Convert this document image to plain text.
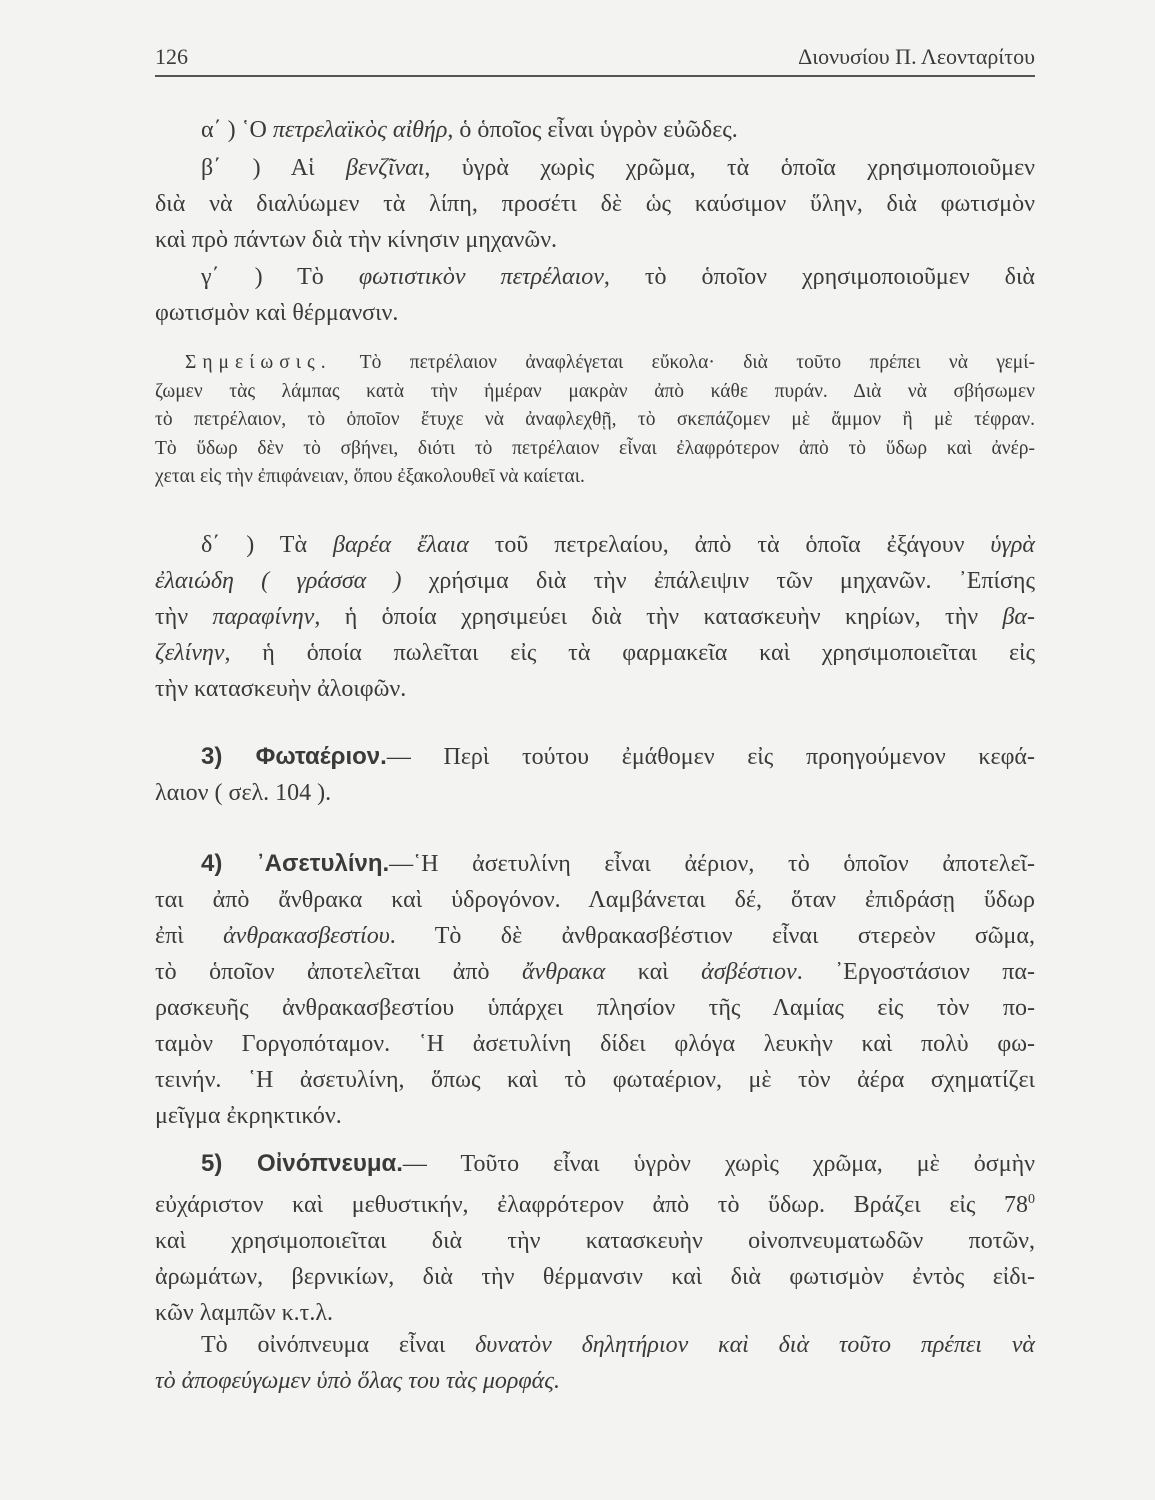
126	Διονυσίου Π. Λεονταρίτου
α΄ ) ῾Ο πετρελαϊκὸς αἰθήρ, ὁ ὁποῖος εἶναι ὑγρὸν εὐῶδες.
β΄ ) Αἱ βενζῖναι, ὑγρὰ χωρὶς χρῶμα, τὰ ὁποῖα χρησιμοποιοῦμεν
διὰ νὰ διαλύωμεν τὰ λίπη, προσέτι δὲ ὡς καύσιμον ὕλην, διὰ φωτισμὸν
καὶ πρὸ πάντων διὰ τὴν κίνησιν μηχανῶν.
γ΄ ) Τὸ φωτιστικὸν πετρέλαιον, τὸ ὁποῖον χρησιμοποιοῦμεν διὰ
φωτισμὸν καὶ θέρμανσιν.
Σημείωσις. Τὸ πετρέλαιον ἀναφλέγεται εὔκολα· διὰ τοῦτο πρέπει νὰ γεμί-
ζωμεν τὰς λάμπας κατὰ τὴν ἡμέραν μακρὰν ἀπὸ κάθε πυράν. Διὰ νὰ σβήσωμεν
τὸ πετρέλαιον, τὸ ὁποῖον ἔτυχε νὰ ἀναφλεχθῇ, τὸ σκεπάζομεν μὲ ἄμμον ἢ μὲ τέφραν.
Τὸ ὕδωρ δὲν τὸ σβήνει, διότι τὸ πετρέλαιον εἶναι ἐλαφρότερον ἀπὸ τὸ ὕδωρ καὶ ἀνέρ-
χεται εἰς τὴν ἐπιφάνειαν, ὅπου ἐξακολουθεῖ νὰ καίεται.
δ΄ ) Τὰ βαρέα ἔλαια τοῦ πετρελαίου, ἀπὸ τὰ ὁποῖα ἐξάγουν ὑγρὰ
ἐλαιώδη ( γράσσα ) χρήσιμα διὰ τὴν ἐπάλειψιν τῶν μηχανῶν. ᾿Επίσης
τὴν παραφίνην, ἡ ὁποία χρησιμεύει διὰ τὴν κατασκευὴν κηρίων, τὴν βα-
ζελίνην, ἡ ὁποία πωλεῖται εἰς τὰ φαρμακεῖα καὶ χρησιμοποιεῖται εἰς
τὴν κατασκευὴν ἀλοιφῶν.
3) Φωταέριον.— Περὶ τούτου ἐμάθομεν εἰς προηγούμενον κεφά-
λαιον ( σελ. 104 ).
4) ᾿Ασετυλίνη.—῾Η ἀσετυλίνη εἶναι ἀέριον, τὸ ὁποῖον ἀποτελεῖ-
ται ἀπὸ ἄνθρακα καὶ ὑδρογόνον. Λαμβάνεται δέ, ὅταν ἐπιδράσῃ ὕδωρ
ἐπὶ ἀνθρακασβεστίου. Τὸ δὲ ἀνθρακασβέστιον εἶναι στερεὸν σῶμα,
τὸ ὁποῖον ἀποτελεῖται ἀπὸ ἄνθρακα καὶ ἀσβέστιον. ᾿Εργοστάσιον πα-
ρασκευῆς ἀνθρακασβεστίου ὑπάρχει πλησίον τῆς Λαμίας εἰς τὸν πο-
ταμὸν Γοργοπόταμον. ῾Η ἀσετυλίνη δίδει φλόγα λευκὴν καὶ πολὺ φω-
τεινήν. ῾Η ἀσετυλίνη, ὅπως καὶ τὸ φωταέριον, μὲ τὸν ἀέρα σχηματίζει
μεῖγμα ἐκρηκτικόν.
5) Οἰνόπνευμα.— Τοῦτο εἶναι ὑγρὸν χωρὶς χρῶμα, μὲ ὀσμὴν
εὐχάριστον καὶ μεθυστικήν, ἐλαφρότερον ἀπὸ τὸ ὕδωρ. Βράζει εἰς $78^0$
καὶ χρησιμοποιεῖται διὰ τὴν κατασκευὴν οἰνοπνευματωδῶν ποτῶν,
ἀρωμάτων, βερνικίων, διὰ τὴν θέρμανσιν καὶ διὰ φωτισμὸν ἐντὸς εἰδι-
κῶν λαμπῶν κ.τ.λ.
Τὸ οἰνόπνευμα εἶναι δυνατὸν δηλητήριον καὶ διὰ τοῦτο πρέπει νὰ
τὸ ἀποφεύγωμεν ὑπὸ ὅλας του τὰς μορφάς.
